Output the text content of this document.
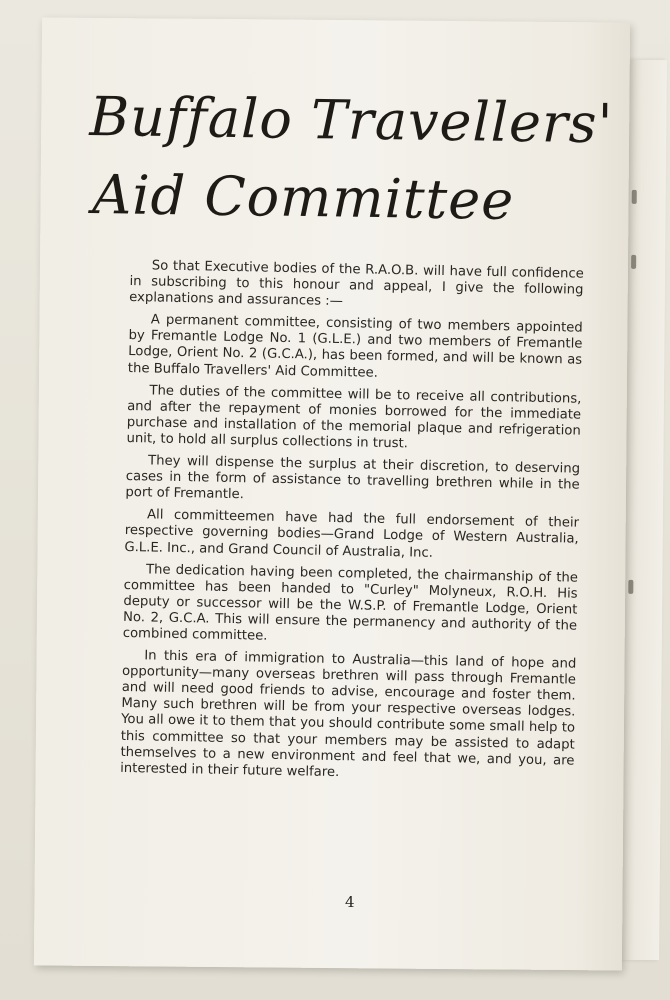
Buffalo Travellers'
Aid Committee

So that Executive bodies of the R.A.O.B. will have full confidence in subscribing to this honour and appeal, I give the following explanations and assurances :—

A permanent committee, consisting of two members appointed by Fremantle Lodge No. 1 (G.L.E.) and two members of Fremantle Lodge, Orient No. 2 (G.C.A.), has been formed, and will be known as the Buffalo Travellers' Aid Committee.

The duties of the committee will be to receive all contributions, and after the repayment of monies borrowed for the immediate purchase and installation of the memorial plaque and refrigeration unit, to hold all surplus collections in trust.

They will dispense the surplus at their discretion, to deserving cases in the form of assistance to travelling brethren while in the port of Fremantle.

All committeemen have had the full endorsement of their respective governing bodies—Grand Lodge of Western Australia, G.L.E. Inc., and Grand Council of Australia, Inc.

The dedication having been completed, the chairmanship of the committee has been handed to "Curley" Molyneux, R.O.H. His deputy or successor will be the W.S.P. of Fremantle Lodge, Orient No. 2, G.C.A. This will ensure the permanency and authority of the combined committee.

In this era of immigration to Australia—this land of hope and opportunity—many overseas brethren will pass through Fremantle and will need good friends to advise, encourage and foster them. Many such brethren will be from your respective overseas lodges. You all owe it to them that you should contribute some small help to this committee so that your members may be assisted to adapt themselves to a new environment and feel that we, and you, are interested in their future welfare.

4
